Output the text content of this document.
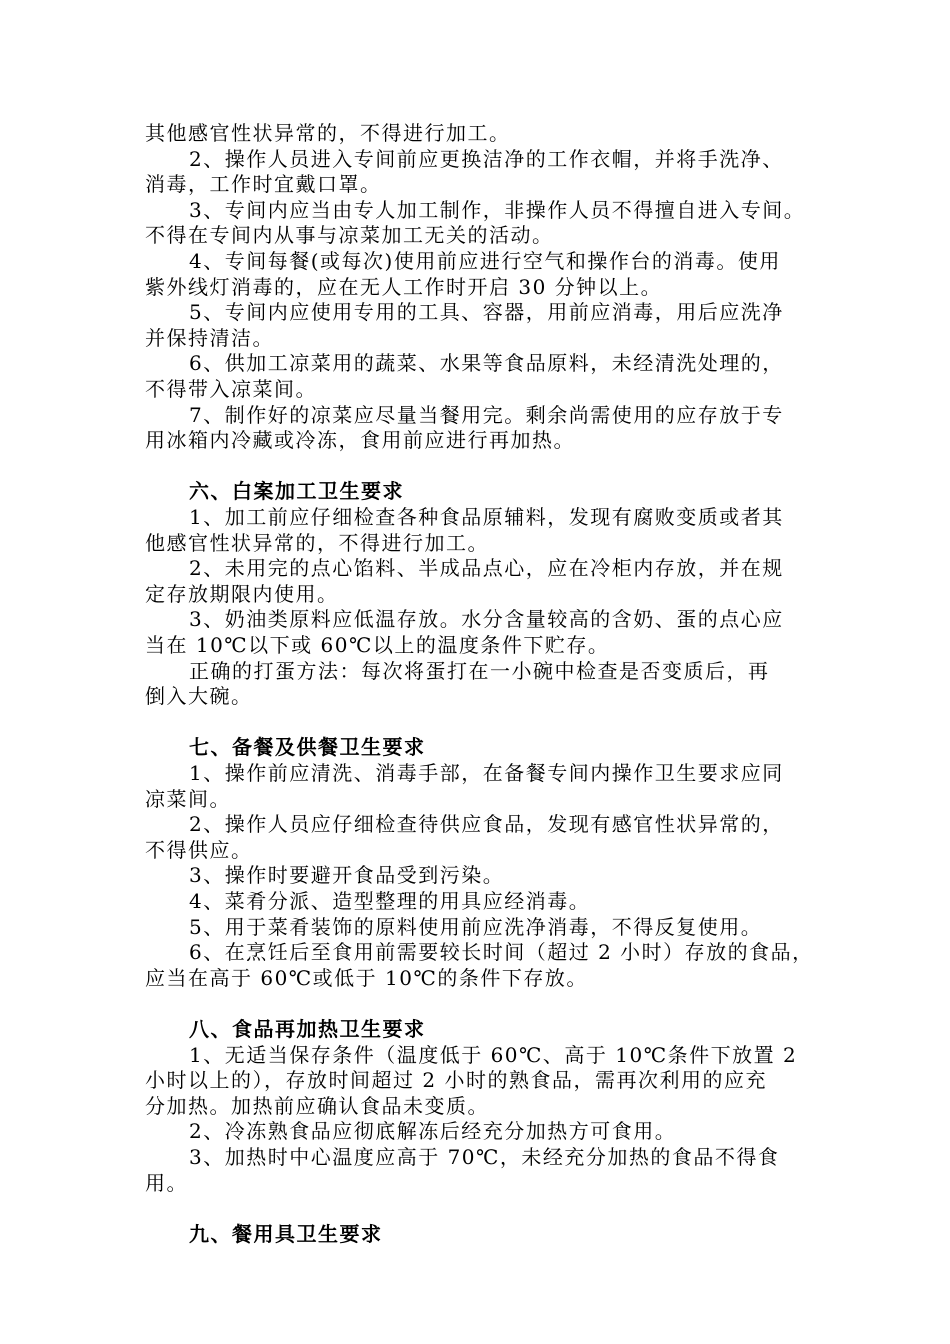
其他感官性状异常的，不得进行加工。
2、操作人员进入专间前应更换洁净的工作衣帽，并将手洗净、
消毒，工作时宜戴口罩。
3、专间内应当由专人加工制作，非操作人员不得擅自进入专间。
不得在专间内从事与凉菜加工无关的活动。
4、专间每餐(或每次)使用前应进行空气和操作台的消毒。使用
紫外线灯消毒的，应在无人工作时开启 30 分钟以上。
5、专间内应使用专用的工具、容器，用前应消毒，用后应洗净
并保持清洁。
6、供加工凉菜用的蔬菜、水果等食品原料，未经清洗处理的，
不得带入凉菜间。
7、制作好的凉菜应尽量当餐用完。剩余尚需使用的应存放于专
用冰箱内冷藏或冷冻，食用前应进行再加热。
六、白案加工卫生要求
1、加工前应仔细检查各种食品原辅料，发现有腐败变质或者其
他感官性状异常的，不得进行加工。
2、未用完的点心馅料、半成品点心，应在冷柜内存放，并在规
定存放期限内使用。
3、奶油类原料应低温存放。水分含量较高的含奶、蛋的点心应
当在 10℃以下或 60℃以上的温度条件下贮存。
正确的打蛋方法：每次将蛋打在一小碗中检查是否变质后，再
倒入大碗。
七、备餐及供餐卫生要求
1、操作前应清洗、消毒手部，在备餐专间内操作卫生要求应同
凉菜间。
2、操作人员应仔细检查待供应食品，发现有感官性状异常的，
不得供应。
3、操作时要避开食品受到污染。
4、菜肴分派、造型整理的用具应经消毒。
5、用于菜肴装饰的原料使用前应洗净消毒，不得反复使用。
6、在烹饪后至食用前需要较长时间（超过 2 小时）存放的食品，
应当在高于 60℃或低于 10℃的条件下存放。
八、食品再加热卫生要求
1、无适当保存条件（温度低于 60℃、高于 10℃条件下放置 2
小时以上的），存放时间超过 2 小时的熟食品，需再次利用的应充
分加热。加热前应确认食品未变质。
2、冷冻熟食品应彻底解冻后经充分加热方可食用。
3、加热时中心温度应高于 70℃，未经充分加热的食品不得食
用。
九、餐用具卫生要求
